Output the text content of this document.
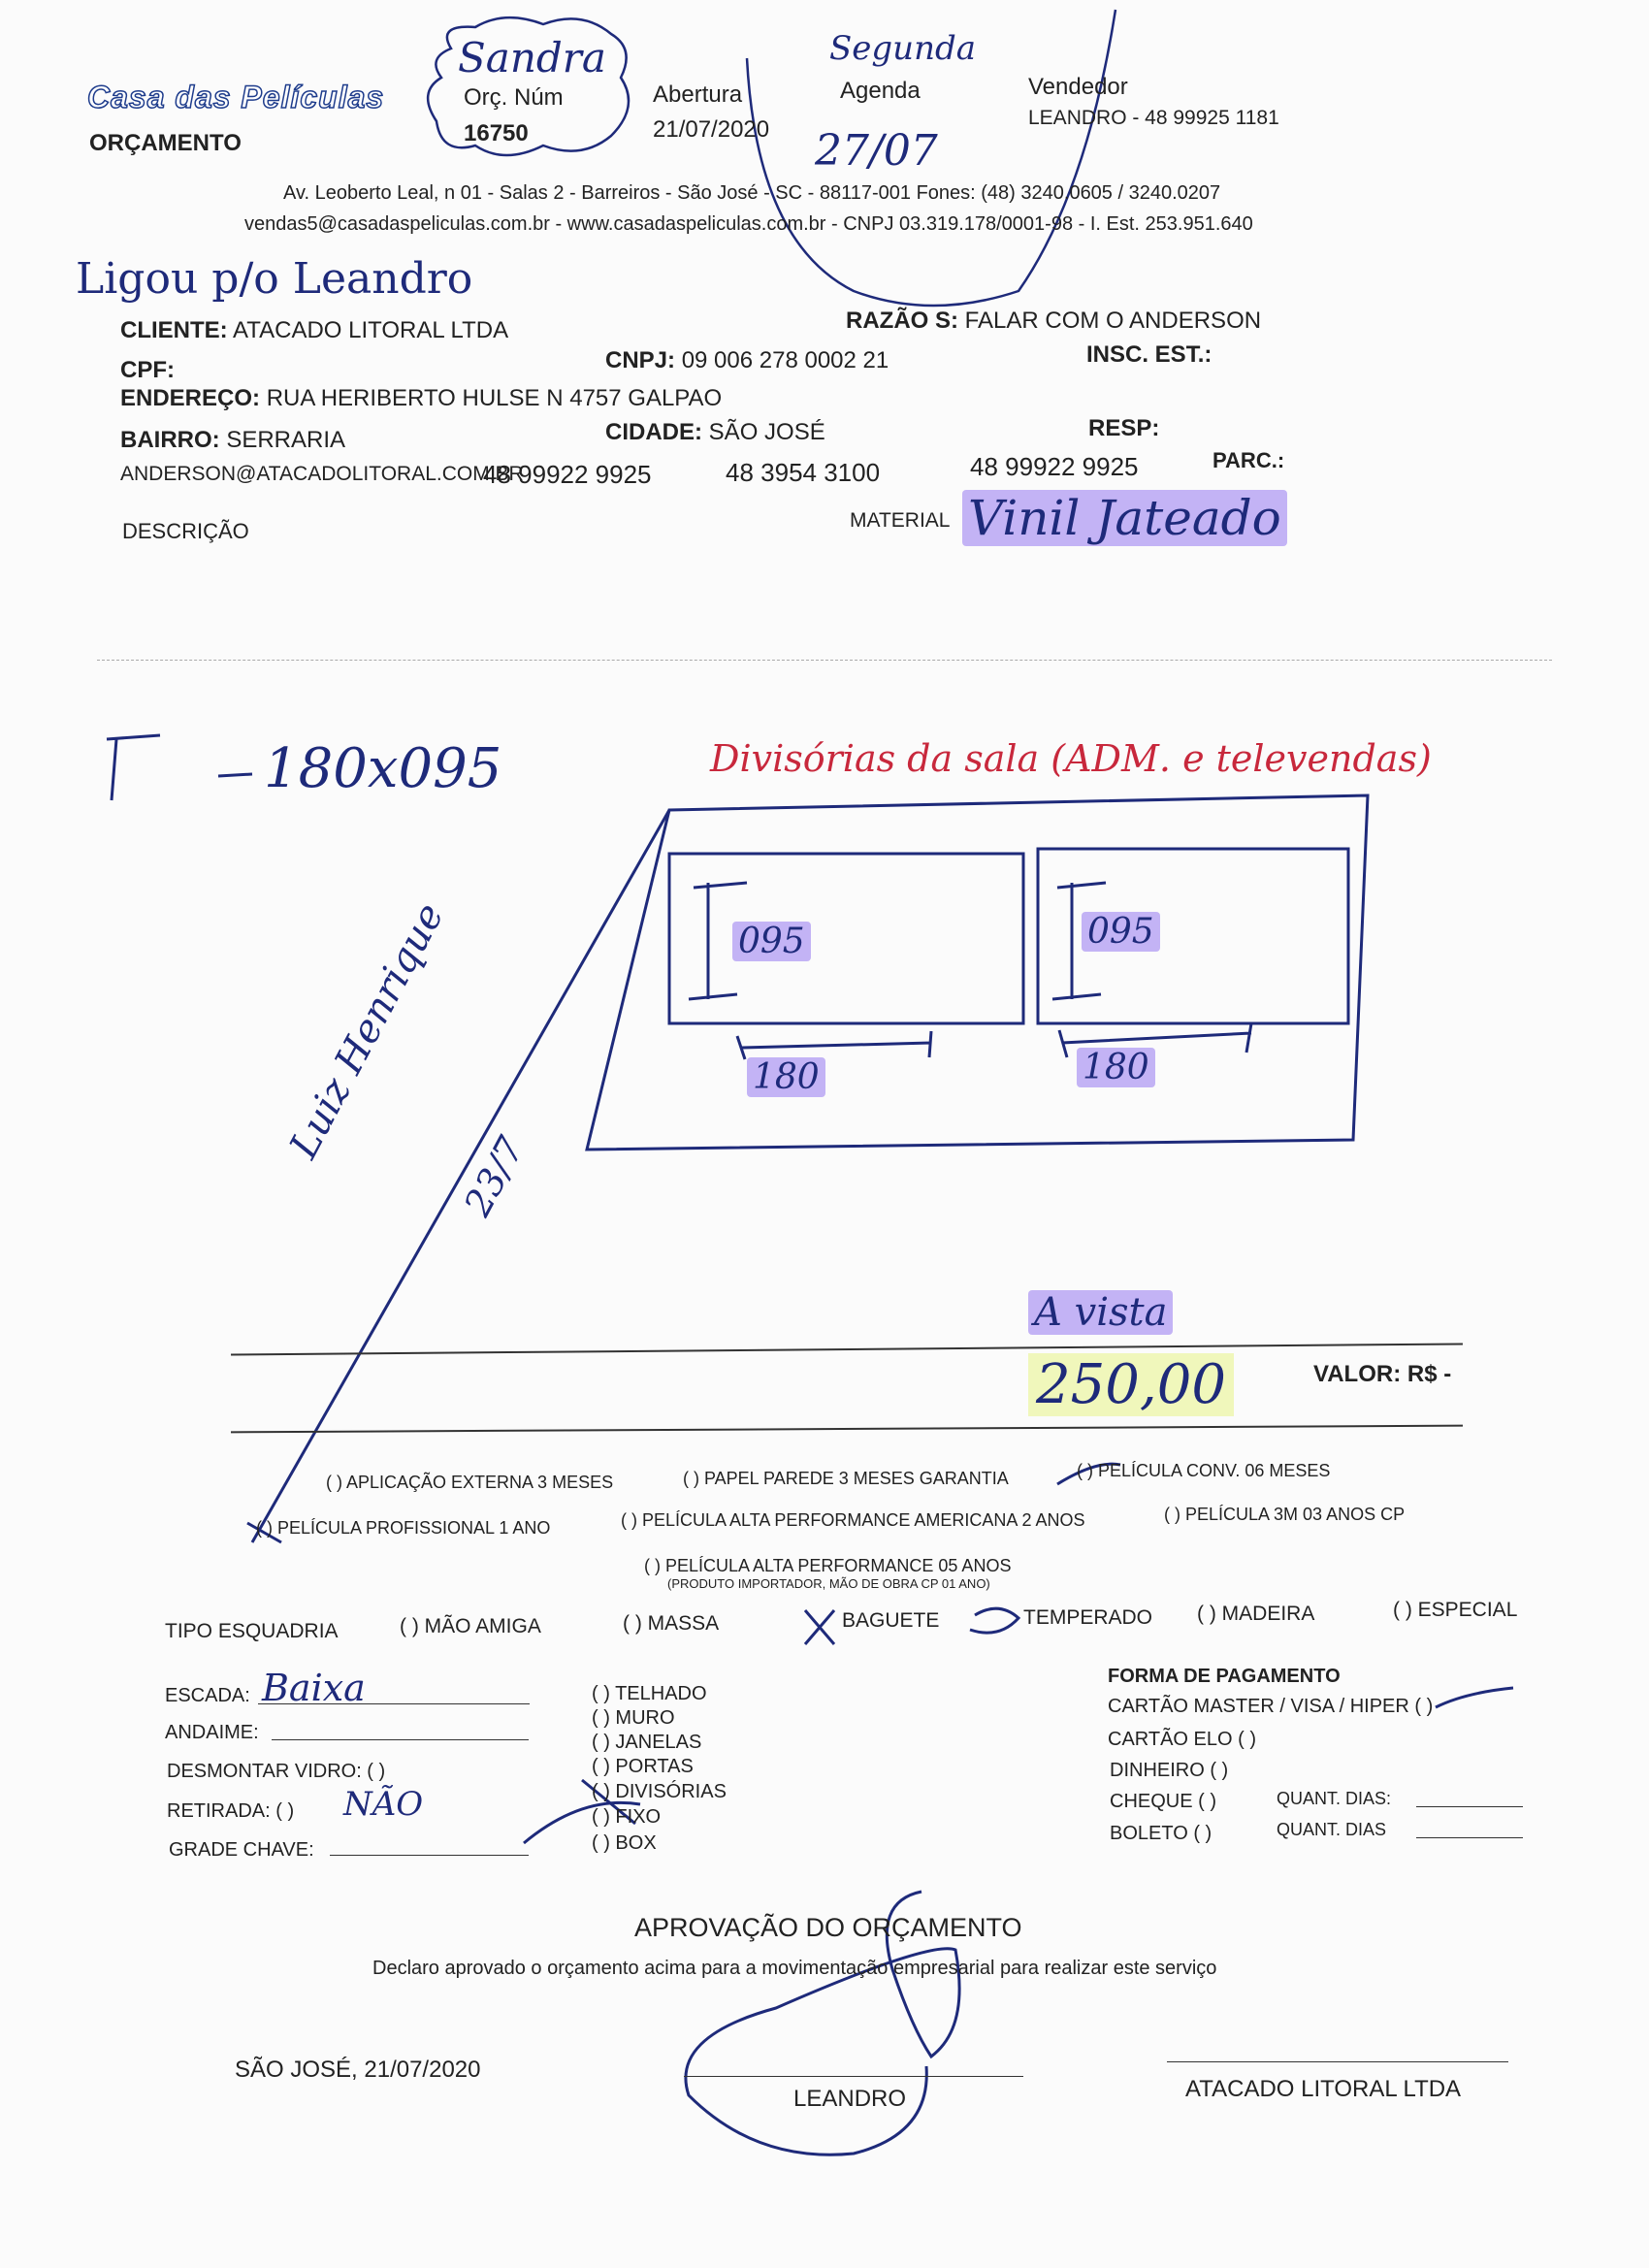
Casa das Películas
ORÇAMENTO
Sandra
Orç. Núm
16750
Abertura
21/07/2020
Segunda
Agenda
27/07
Vendedor
LEANDRO - 48 99925 1181
Av. Leoberto Leal, n 01 - Salas 2 - Barreiros - São José - SC - 88117-001 Fones: (48) 3240.0605 / 3240.0207
vendas5@casadaspeliculas.com.br - www.casadaspeliculas.com.br - CNPJ 03.319.178/0001-98 - I. Est. 253.951.640
Ligou p/o Leandro
CLIENTE: ATACADO LITORAL LTDA	RAZÃO S: FALAR COM O ANDERSON
CPF:	CNPJ: 09 006 278 0002 21	INSC. EST.:
ENDEREÇO: RUA HERIBERTO HULSE N 4757 GALPAO
BAIRRO: SERRARIA	CIDADE: SÃO JOSÉ	RESP:
ANDERSON@ATACADOLITORAL.COM.BR
48 99922 9925	48 3954 3100	48 99922 9925	PARC.:
DESCRIÇÃO	MATERIAL Vinil Jateado
180x095	Divisórias da sala (ADM. e televendas)
095	095
180	180
Luiz Henrique
23/7
A vista
250,00	VALOR: R$ -
( ) APLICAÇÃO EXTERNA 3 MESES	( ) PAPEL PAREDE 3 MESES GARANTIA	( ) PELÍCULA CONV. 06 MESES
( ) PELÍCULA PROFISSIONAL 1 ANO	( ) PELÍCULA ALTA PERFORMANCE AMERICANA 2 ANOS	( ) PELÍCULA 3M 03 ANOS CP
( ) PELÍCULA ALTA PERFORMANCE 05 ANOS
(PRODUTO IMPORTADOR, MÃO DE OBRA CP 01 ANO)
TIPO ESQUADRIA	( ) MÃO AMIGA	( ) MASSA	BAGUETE	TEMPERADO ( ) MADEIRA	( ) ESPECIAL
ESCADA: Baixa
ANDAIME:
DESMONTAR VIDRO: ( )
RETIRADA: ( ) NÃO
GRADE CHAVE:
( ) TELHADO
( ) MURO
( ) JANELAS
( ) PORTAS
( ) DIVISÓRIAS
( ) FIXO
( ) BOX
FORMA DE PAGAMENTO
CARTÃO MASTER / VISA / HIPER ( )
CARTÃO ELO ( )
DINHEIRO ( )
CHEQUE ( )	QUANT. DIAS:
BOLETO ( )	QUANT. DIAS
APROVAÇÃO DO ORÇAMENTO
Declaro aprovado o orçamento acima para a movimentação empresarial para realizar este serviço
SÃO JOSÉ, 21/07/2020
LEANDRO	ATACADO LITORAL LTDA
